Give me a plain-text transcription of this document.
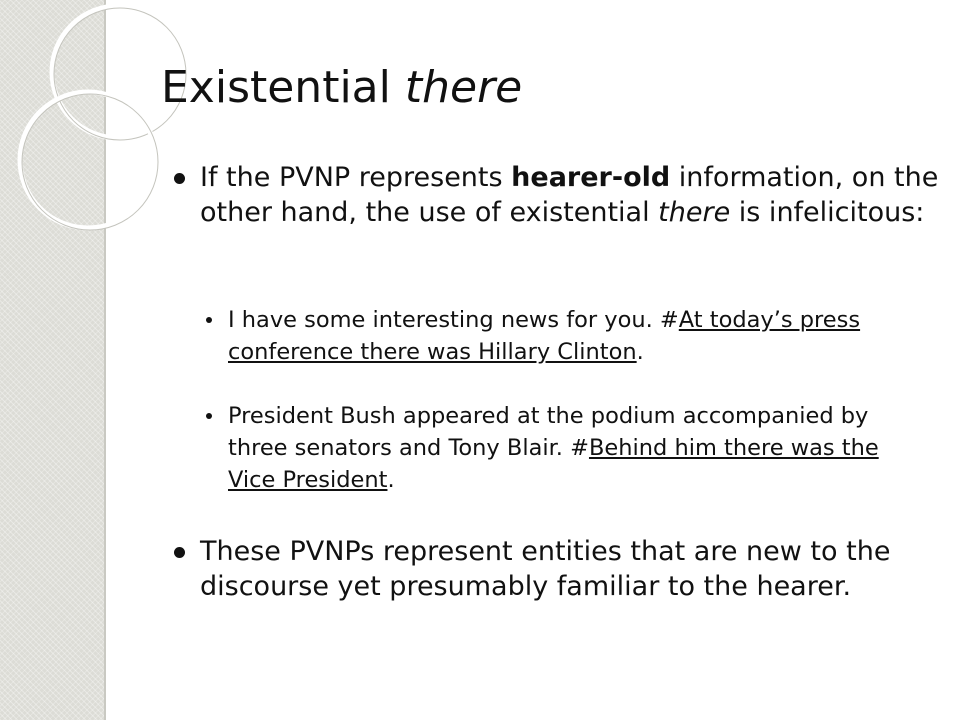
Existential there
If the PVNP represents hearer-old information, on the other hand, the use of existential there is infelicitous:
I have some interesting news for you. #At today’s press conference there was Hillary Clinton.
President Bush appeared at the podium accompanied by three senators and Tony Blair. #Behind him there was the Vice President.
These PVNPs represent entities that are new to the discourse yet presumably familiar to the hearer.
